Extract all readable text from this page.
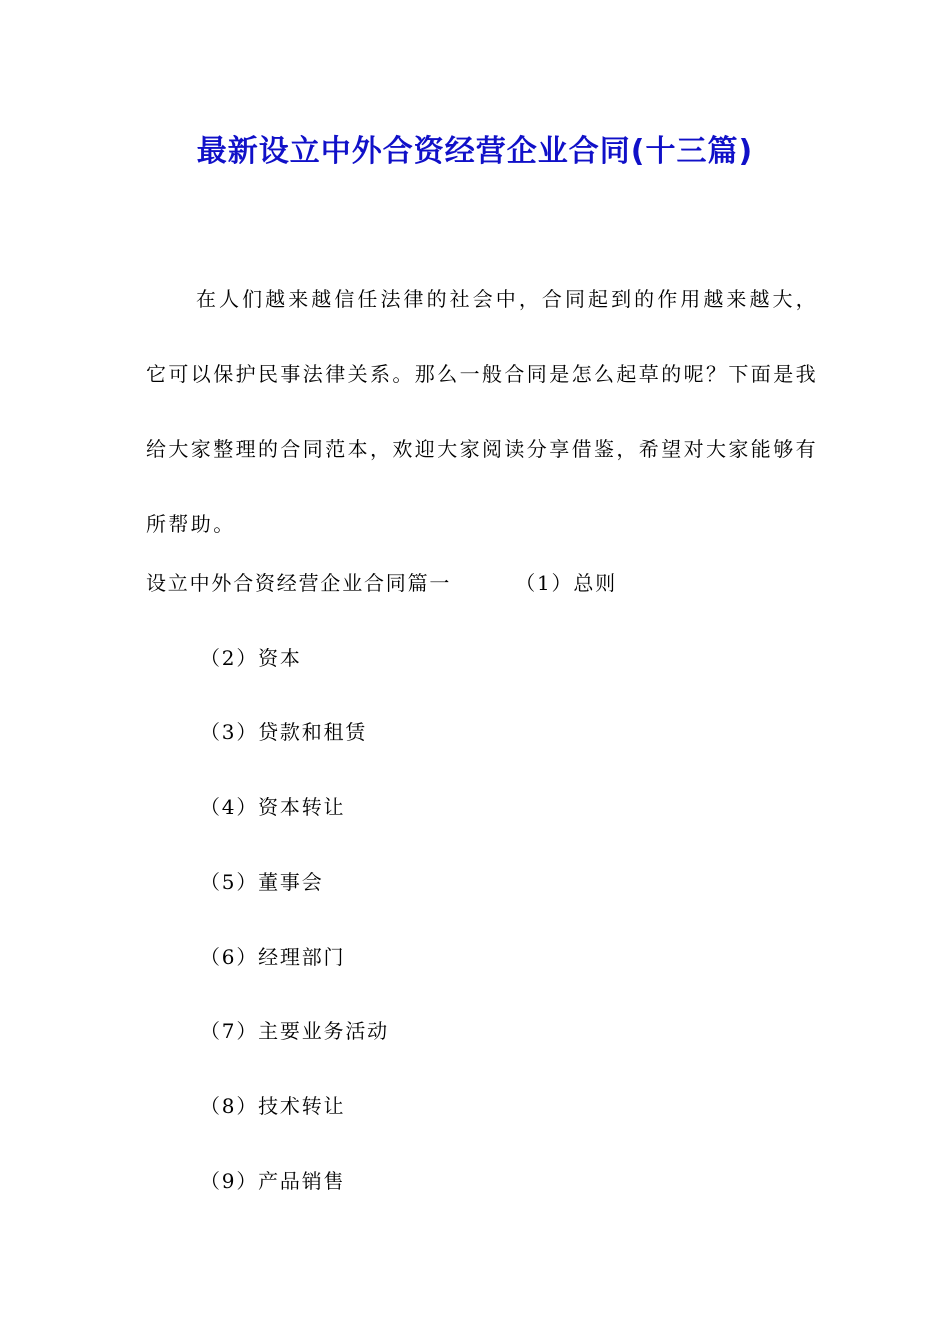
最新设立中外合资经营企业合同(十三篇)

在人们越来越信任法律的社会中，合同起到的作用越来越大，它可以保护民事法律关系。那么一般合同是怎么起草的呢？下面是我给大家整理的合同范本，欢迎大家阅读分享借鉴，希望对大家能够有所帮助。

设立中外合资经营企业合同篇一	（1）总则

（2）资本

（3）贷款和租赁

（4）资本转让

（5）董事会

（6）经理部门

（7）主要业务活动

（8）技术转让

（9）产品销售
